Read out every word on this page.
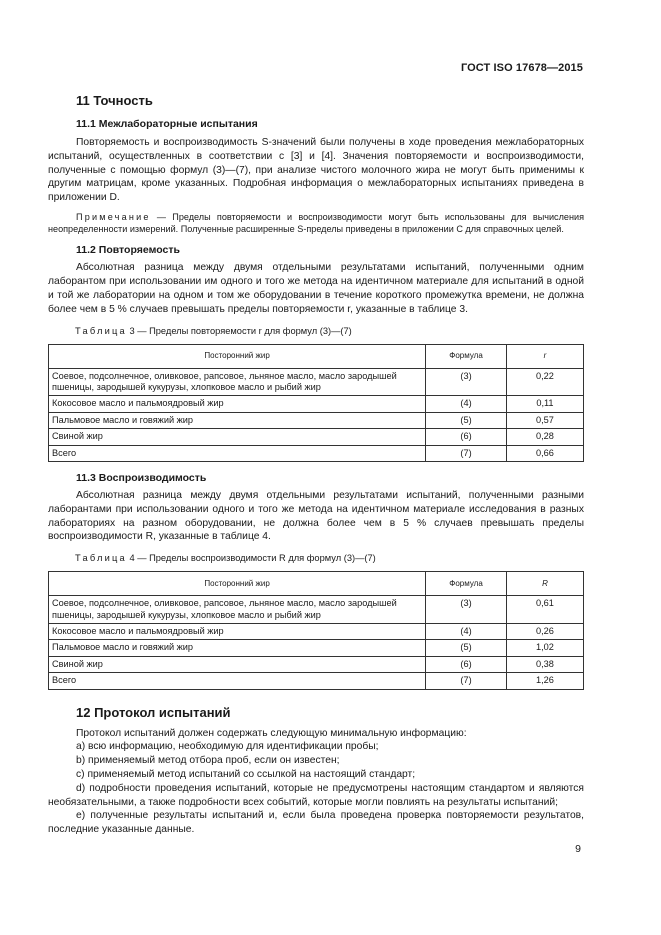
ГОСТ ISO 17678—2015
11 Точность
11.1 Межлабораторные испытания

Повторяемость и воспроизводимость S-значений были получены в ходе проведения межлабораторных испытаний, осуществленных в соответствии с [3] и [4]. Значения повторяемости и воспроизводимости, полученные с помощью формул (3)—(7), при анализе чистого молочного жира не могут быть применимы к другим матрицам, кроме указанных. Подробная информация о межлабораторных испытаниях приведена в приложении D.

Примечание — Пределы повторяемости и воспроизводимости могут быть использованы для вычисления неопределенности измерений. Полученные расширенные S-пределы приведены в приложении С для справочных целей.

11.2 Повторяемость

Абсолютная разница между двумя отдельными результатами испытаний, полученными одним лаборантом при использовании им одного и того же метода на идентичном материале для испытаний в одной и той же лаборатории на одном и том же оборудовании в течение короткого промежутка времени, не должна более чем в 5 % случаев превышать пределы повторяемости r, указанные в таблице 3.

Таблица 3 — Пределы повторяемости r для формул (3)—(7)

Посторонний жир	Формула	r
Соевое, подсолнечное, оливковое, рапсовое, льняное масло, масло зародышей пшеницы, зародышей кукурузы, хлопковое масло и рыбий жир	(3)	0,22
Кокосовое масло и пальмоядровый жир	(4)	0,11
Пальмовое масло и говяжий жир	(5)	0,57
Свиной жир	(6)	0,28
Всего	(7)	0,66
11.3 Воспроизводимость

Абсолютная разница между двумя отдельными результатами испытаний, полученными разными лаборантами при использовании одного и того же метода на идентичном материале исследования в разных лабораториях на разном оборудовании, не должна более чем в 5 % случаев превышать пределы воспроизводимости R, указанные в таблице 4.

Таблица 4 — Пределы воспроизводимости R для формул (3)—(7)

Посторонний жир	Формула	R
Соевое, подсолнечное, оливковое, рапсовое, льняное масло, масло зародышей пшеницы, зародышей кукурузы, хлопковое масло и рыбий жир	(3)	0,61
Кокосовое масло и пальмоядровый жир	(4)	0,26
Пальмовое масло и говяжий жир	(5)	1,02
Свиной жир	(6)	0,38
Всего	(7)	1,26
12 Протокол испытаний

Протокол испытаний должен содержать следующую минимальную информацию:

а) всю информацию, необходимую для идентификации пробы;

b) применяемый метод отбора проб, если он известен;

с) применяемый метод испытаний со ссылкой на настоящий стандарт;

d) подробности проведения испытаний, которые не предусмотрены настоящим стандартом и являются необязательными, а также подробности всех событий, которые могли повлиять на результаты испытаний;

е) полученные результаты испытаний и, если была проведена проверка повторяемости результатов, последние указанные данные.

9
